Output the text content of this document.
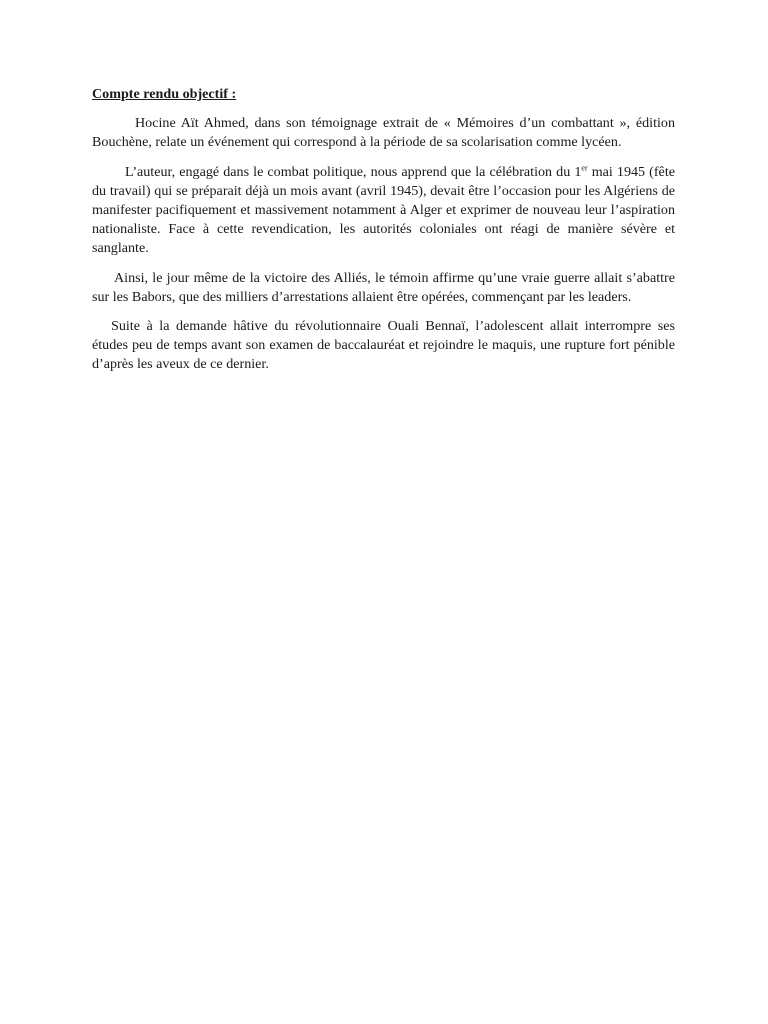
Compte rendu objectif :

Hocine Aït Ahmed, dans son témoignage extrait de « Mémoires d’un combattant », édition Bouchène, relate un événement qui correspond à la période de sa scolarisation comme lycéen.

L’auteur, engagé dans le combat politique, nous apprend que la célébration du 1er mai 1945 (fête du travail) qui se préparait déjà un mois avant (avril 1945), devait être l’occasion pour les Algériens de manifester pacifiquement et massivement notamment à Alger et exprimer de nouveau leur l’aspiration nationaliste. Face à cette revendication, les autorités coloniales ont réagi de manière sévère et sanglante.

Ainsi, le jour même de la victoire des Alliés, le témoin affirme qu’une vraie guerre allait s’abattre sur les Babors, que des milliers d’arrestations allaient être opérées, commençant par les leaders.

Suite à la demande hâtive du révolutionnaire Ouali Bennaï, l’adolescent allait interrompre ses études peu de temps avant son examen de baccalauréat et rejoindre le maquis, une rupture fort pénible d’après les aveux de ce dernier.
